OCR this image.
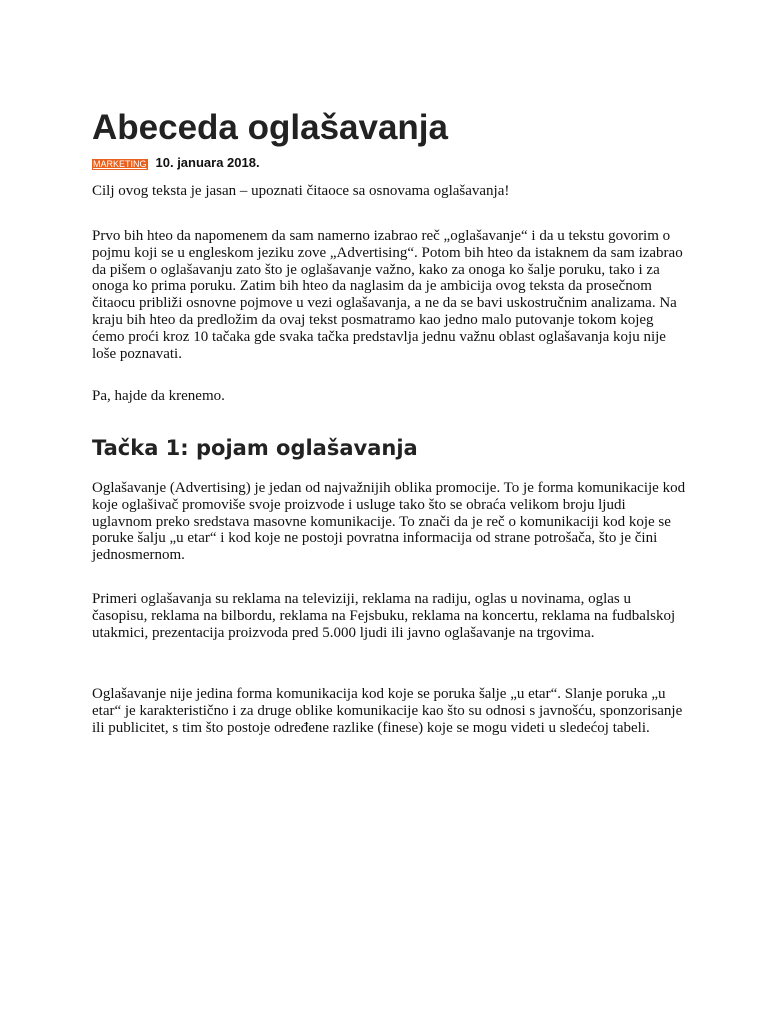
Abeceda oglašavanja
MARKETING 10. januara 2018.

Cilj ovog teksta je jasan – upoznati čitaoce sa osnovama oglašavanja!

Prvo bih hteo da napomenem da sam namerno izabrao reč „oglašavanje“ i da u tekstu govorim o pojmu koji se u engleskom jeziku zove „Advertising“. Potom bih hteo da istaknem da sam izabrao da pišem o oglašavanju zato što je oglašavanje važno, kako za onoga ko šalje poruku, tako i za onoga ko prima poruku. Zatim bih hteo da naglasim da je ambicija ovog teksta da prosečnom čitaocu približi osnovne pojmove u vezi oglašavanja, a ne da se bavi uskostručnim analizama. Na kraju bih hteo da predložim da ovaj tekst posmatramo kao jedno malo putovanje tokom kojeg ćemo proći kroz 10 tačaka gde svaka tačka predstavlja jednu važnu oblast oglašavanja koju nije loše poznavati.

Pa, hajde da krenemo.

Tačka 1: pojam oglašavanja

Oglašavanje (Advertising) je jedan od najvažnijih oblika promocije. To je forma komunikacije kod koje oglašivač promoviše svoje proizvode i usluge tako što se obraća velikom broju ljudi uglavnom preko sredstava masovne komunikacije. To znači da je reč o komunikaciji kod koje se poruke šalju „u etar“ i kod koje ne postoji povratna informacija od strane potrošača, što je čini jednosmernom.

Primeri oglašavanja su reklama na televiziji, reklama na radiju, oglas u novinama, oglas u časopisu, reklama na bilbordu, reklama na Fejsbuku, reklama na koncertu, reklama na fudbalskoj utakmici, prezentacija proizvoda pred 5.000 ljudi ili javno oglašavanje na trgovima.

Oglašavanje nije jedina forma komunikacija kod koje se poruka šalje „u etar“. Slanje poruka „u etar“ je karakteristično i za druge oblike komunikacije kao što su odnosi s javnošću, sponzorisanje ili publicitet, s tim što postoje određene razlike (finese) koje se mogu videti u sledećoj tabeli.
